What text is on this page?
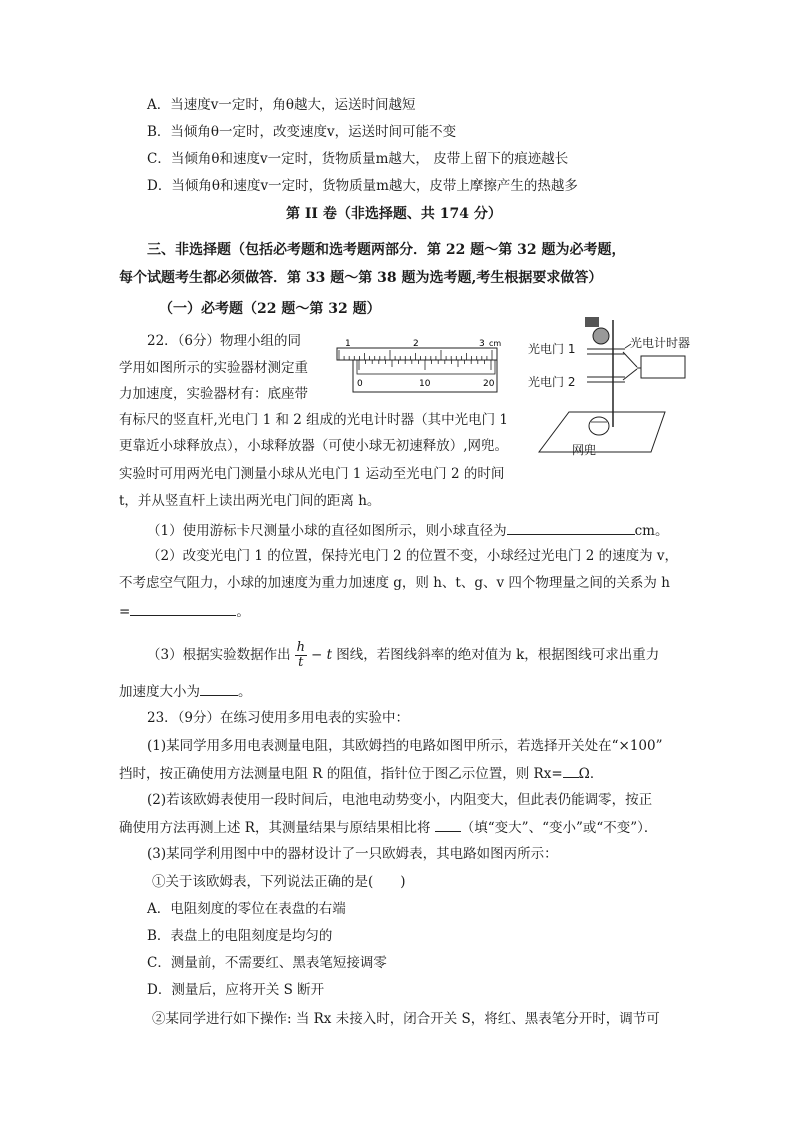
A．当速度v一定时，角θ越大，运送时间越短
B．当倾角θ一定时，改变速度v，运送时间可能不变
C．当倾角θ和速度v一定时，货物质量m越大， 皮带上留下的痕迹越长
D．当倾角θ和速度v一定时，货物质量m越大，皮带上摩擦产生的热越多
第 II 卷（非选择题、共 174 分）
三、非选择题（包括必考题和选考题两部分．第 22 题～第 32 题为必考题，
每个试题考生都必须做答．第 33 题～第 38 题为选考题,考生根据要求做答）
（一）必考题（22 题～第 32 题）
22．（6分）物理小组的同
学用如图所示的实验器材测定重
力加速度，实验器材有：底座带
有标尺的竖直杆,光电门 1 和 2 组成的光电计时器（其中光电门 1
更靠近小球释放点），小球释放器（可使小球无初速释放）,网兜。
实验时可用两光电门测量小球从光电门 1 运动至光电门 2 的时间
t，并从竖直杆上读出两光电门间的距离 h。
1	2	3 cm
0	10	20
光电门 1
光电门 2
光电计时器
网兜
（1）使用游标卡尺测量小球的直径如图所示，则小球直径为	cm。
（2）改变光电门 1 的位置，保持光电门 2 的位置不变，小球经过光电门 2 的速度为 v，
不考虑空气阻力，小球的加速度为重力加速度 g，则 h、t、g、v 四个物理量之间的关系为 h
=	。
（3）根据实验数据作出 $\frac{h}{t} - t$ 图线，若图线斜率的绝对值为 k，根据图线可求出重力
加速度大小为	。
23．（9分）在练习使用多用电表的实验中：
(1)某同学用多用电表测量电阻，其欧姆挡的电路如图甲所示，若选择开关处在“×100”
挡时，按正确使用方法测量电阻 R 的阻值，指针位于图乙示位置，则 Rx= Ω．
(2)若该欧姆表使用一段时间后，电池电动势变小，内阻变大，但此表仍能调零，按正
确使用方法再测上述 R，其测量结果与原结果相比将 （填“变大”、“变小”或“不变”）．
(3)某同学利用图中中的器材设计了一只欧姆表，其电路如图丙所示：
①关于该欧姆表，下列说法正确的是(　　)
A．电阻刻度的零位在表盘的右端
B．表盘上的电阻刻度是均匀的
C．测量前，不需要红、黑表笔短接调零
D．测量后，应将开关 S 断开
②某同学进行如下操作: 当 Rx 未接入时，闭合开关 S，将红、黑表笔分开时，调节可
